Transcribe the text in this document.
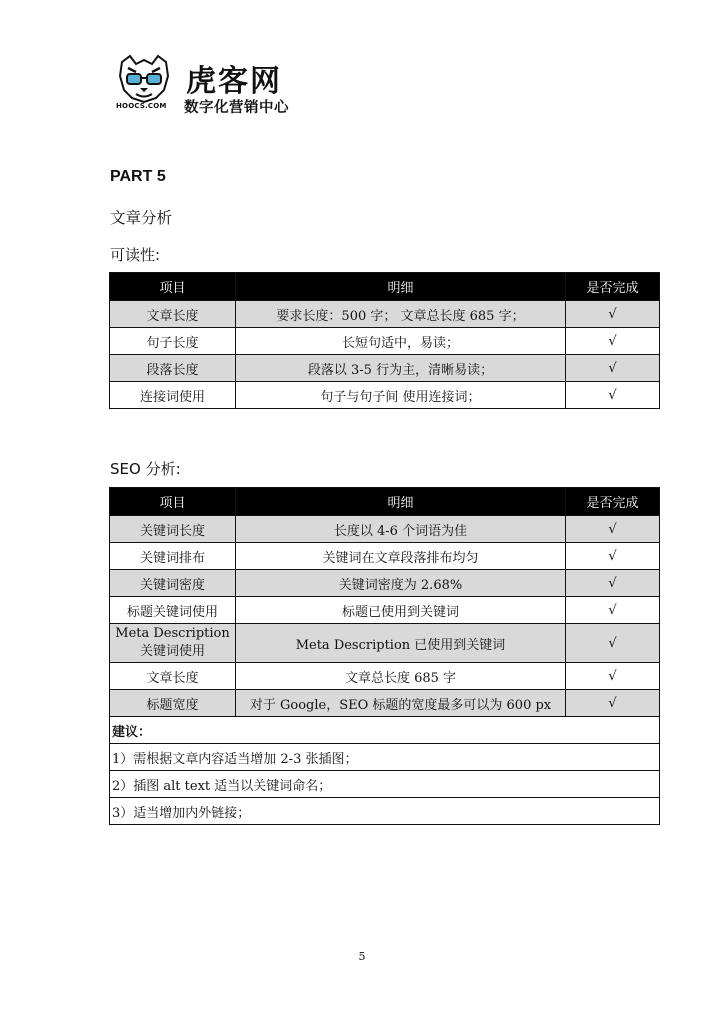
HOOCS.COM
虎客网
数字化营销中心
PART 5
文章分析
可读性:
项目	明细	是否完成
文章长度	要求长度：500 字； 文章总长度 685 字；	√
句子长度	长短句适中，易读；	√
段落长度	段落以 3-5 行为主，清晰易读；	√
连接词使用	句子与句子间 使用连接词；	√
SEO 分析:
项目	明细	是否完成
关键词长度	长度以 4-6 个词语为佳	√
关键词排布	关键词在文章段落排布均匀	√
关键词密度	关键词密度为 2.68%	√
标题关键词使用	标题已使用到关键词	√

Meta Description
关键词使用	Meta Description 已使用到关键词	√
文章长度	文章总长度 685 字	√
标题宽度	对于 Google，SEO 标题的宽度最多可以为 600 px	√
建议：		
1）需根据文章内容适当增加 2-3 张插图；		
2）插图 alt text 适当以关键词命名；		
3）适当增加内外链接；		
5
